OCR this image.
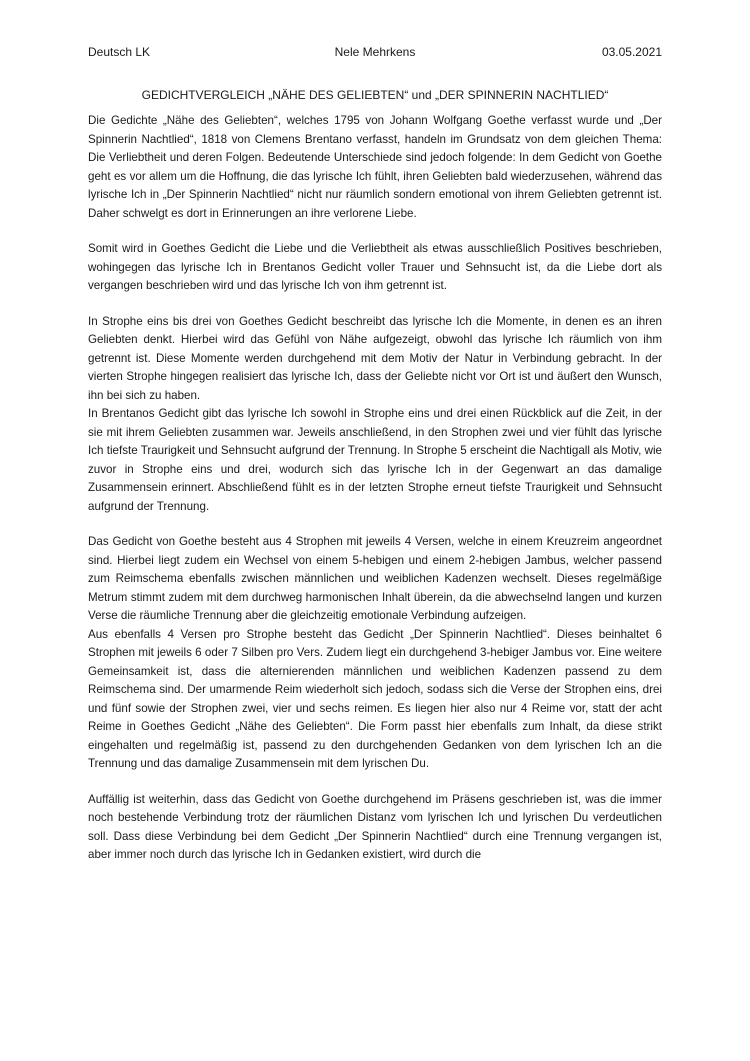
Deutsch LK	Nele Mehrkens	03.05.2021
GEDICHTVERGLEICH „NÄHE DES GELIEBTEN“ und „DER SPINNERIN NACHTLIED“

Die Gedichte „Nähe des Geliebten“, welches 1795 von Johann Wolfgang Goethe verfasst wurde und „Der Spinnerin Nachtlied“, 1818 von Clemens Brentano verfasst, handeln im Grundsatz von dem gleichen Thema: Die Verliebtheit und deren Folgen. Bedeutende Unterschiede sind jedoch folgende: In dem Gedicht von Goethe geht es vor allem um die Hoffnung, die das lyrische Ich fühlt, ihren Geliebten bald wiederzusehen, während das lyrische Ich in „Der Spinnerin Nachtlied“ nicht nur räumlich sondern emotional von ihrem Geliebten getrennt ist. Daher schwelgt es dort in Erinnerungen an ihre verlorene Liebe.

Somit wird in Goethes Gedicht die Liebe und die Verliebtheit als etwas ausschließlich Positives beschrieben, wohingegen das lyrische Ich in Brentanos Gedicht voller Trauer und Sehnsucht ist, da die Liebe dort als vergangen beschrieben wird und das lyrische Ich von ihm getrennt ist.

In Strophe eins bis drei von Goethes Gedicht beschreibt das lyrische Ich die Momente, in denen es an ihren Geliebten denkt. Hierbei wird das Gefühl von Nähe aufgezeigt, obwohl das lyrische Ich räumlich von ihm getrennt ist. Diese Momente werden durchgehend mit dem Motiv der Natur in Verbindung gebracht. In der vierten Strophe hingegen realisiert das lyrische Ich, dass der Geliebte nicht vor Ort ist und äußert den Wunsch, ihn bei sich zu haben.

In Brentanos Gedicht gibt das lyrische Ich sowohl in Strophe eins und drei einen Rückblick auf die Zeit, in der sie mit ihrem Geliebten zusammen war. Jeweils anschließend, in den Strophen zwei und vier fühlt das lyrische Ich tiefste Traurigkeit und Sehnsucht aufgrund der Trennung. In Strophe 5 erscheint die Nachtigall als Motiv, wie zuvor in Strophe eins und drei, wodurch sich das lyrische Ich in der Gegenwart an das damalige Zusammensein erinnert. Abschließend fühlt es in der letzten Strophe erneut tiefste Traurigkeit und Sehnsucht aufgrund der Trennung.

Das Gedicht von Goethe besteht aus 4 Strophen mit jeweils 4 Versen, welche in einem Kreuzreim angeordnet sind. Hierbei liegt zudem ein Wechsel von einem 5-hebigen und einem 2-hebigen Jambus, welcher passend zum Reimschema ebenfalls zwischen männlichen und weiblichen Kadenzen wechselt. Dieses regelmäßige Metrum stimmt zudem mit dem durchweg harmonischen Inhalt überein, da die abwechselnd langen und kurzen Verse die räumliche Trennung aber die gleichzeitig emotionale Verbindung aufzeigen.

Aus ebenfalls 4 Versen pro Strophe besteht das Gedicht „Der Spinnerin Nachtlied“. Dieses beinhaltet 6 Strophen mit jeweils 6 oder 7 Silben pro Vers. Zudem liegt ein durchgehend 3-hebiger Jambus vor. Eine weitere Gemeinsamkeit ist, dass die alternierenden männlichen und weiblichen Kadenzen passend zu dem Reimschema sind. Der umarmende Reim wiederholt sich jedoch, sodass sich die Verse der Strophen eins, drei und fünf sowie der Strophen zwei, vier und sechs reimen. Es liegen hier also nur 4 Reime vor, statt der acht Reime in Goethes Gedicht „Nähe des Geliebten“. Die Form passt hier ebenfalls zum Inhalt, da diese strikt eingehalten und regelmäßig ist, passend zu den durchgehenden Gedanken von dem lyrischen Ich an die Trennung und das damalige Zusammensein mit dem lyrischen Du.

Auffällig ist weiterhin, dass das Gedicht von Goethe durchgehend im Präsens geschrieben ist, was die immer noch bestehende Verbindung trotz der räumlichen Distanz vom lyrischen Ich und lyrischen Du verdeutlichen soll. Dass diese Verbindung bei dem Gedicht „Der Spinnerin Nachtlied“ durch eine Trennung vergangen ist, aber immer noch durch das lyrische Ich in Gedanken existiert, wird durch die
